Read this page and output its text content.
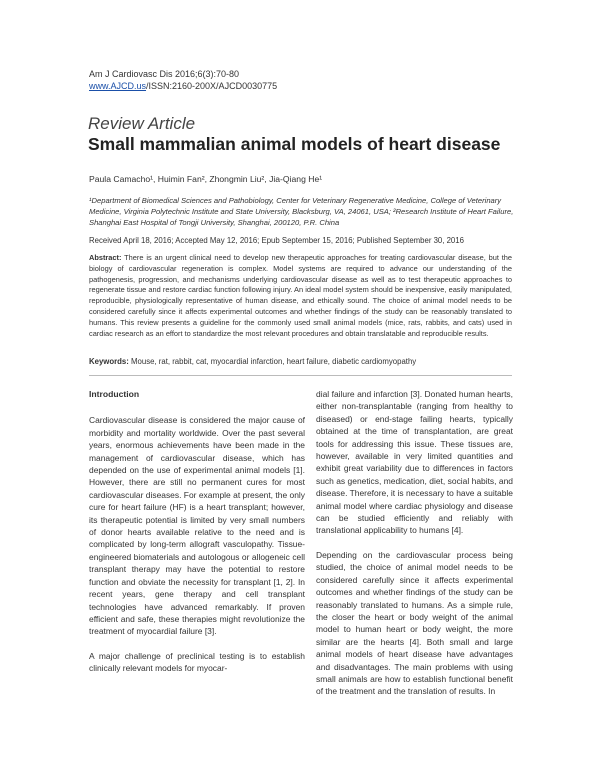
Am J Cardiovasc Dis 2016;6(3):70-80
www.AJCD.us/ISSN:2160-200X/AJCD0030775
Review Article
Small mammalian animal models of heart disease
Paula Camacho¹, Huimin Fan², Zhongmin Liu², Jia-Qiang He¹
¹Department of Biomedical Sciences and Pathobiology, Center for Veterinary Regenerative Medicine, College of Veterinary Medicine, Virginia Polytechnic Institute and State University, Blacksburg, VA, 24061, USA; ²Research Institute of Heart Failure, Shanghai East Hospital of Tongji University, Shanghai, 200120, P.R. China
Received April 18, 2016; Accepted May 12, 2016; Epub September 15, 2016; Published September 30, 2016
Abstract: There is an urgent clinical need to develop new therapeutic approaches for treating cardiovascular disease, but the biology of cardiovascular regeneration is complex. Model systems are required to advance our understanding of the pathogenesis, progression, and mechanisms underlying cardiovascular disease as well as to test therapeutic approaches to regenerate tissue and restore cardiac function following injury. An ideal model system should be inexpensive, easily manipulated, reproducible, physiologically representative of human disease, and ethically sound. The choice of animal model needs to be considered carefully since it affects experimental outcomes and whether findings of the study can be reasonably translated to humans. This review presents a guideline for the commonly used small animal models (mice, rats, rabbits, and cats) used in cardiac research as an effort to standardize the most relevant procedures and obtain translatable and reproducible results.
Keywords: Mouse, rat, rabbit, cat, myocardial infarction, heart failure, diabetic cardiomyopathy
Introduction

Cardiovascular disease is considered the major cause of morbidity and mortality worldwide. Over the past several years, enormous achievements have been made in the management of cardiovascular disease, which has depended on the use of experimental animal models [1]. However, there are still no permanent cures for most cardiovascular diseases. For example at present, the only cure for heart failure (HF) is a heart transplant; however, its therapeutic potential is limited by very small numbers of donor hearts available relative to the need and is complicated by long-term allograft vasculopathy. Tissue-engineered biomaterials and autologous or allogeneic cell transplant therapy may have the potential to restore function and obviate the necessity for transplant [1, 2]. In recent years, gene therapy and cell transplant technologies have advanced remarkably. If proven efficient and safe, these therapies might revolutionize the treatment of myocardial failure [3].

A major challenge of preclinical testing is to establish clinically relevant models for myocar-

dial failure and infarction [3]. Donated human hearts, either non-transplantable (ranging from healthy to diseased) or end-stage failing hearts, typically obtained at the time of transplantation, are great tools for addressing this issue. These tissues are, however, available in very limited quantities and exhibit great variability due to differences in factors such as genetics, medication, diet, social habits, and disease. Therefore, it is necessary to have a suitable animal model where cardiac physiology and disease can be studied efficiently and reliably with translational applicability to humans [4].

Depending on the cardiovascular process being studied, the choice of animal model needs to be considered carefully since it affects experimental outcomes and whether findings of the study can be reasonably translated to humans. As a simple rule, the closer the heart or body weight of the animal model to human heart or body weight, the more similar are the hearts [4]. Both small and large animal models of heart disease have advantages and disadvantages. The main problems with using small animals are how to establish functional benefit of the treatment and the translation of results. In
